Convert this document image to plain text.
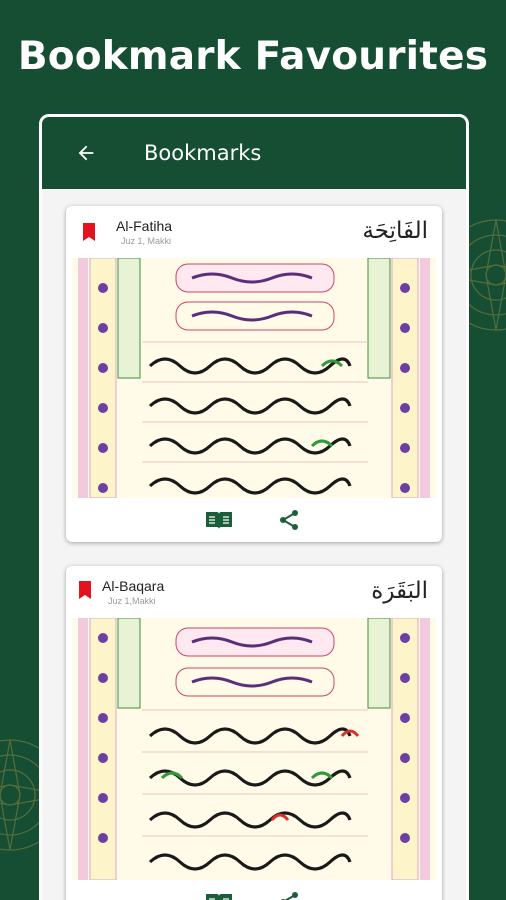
Bookmark Favourites
Bookmarks
Al-Fatiha
Juz 1, Makki	الفَاتِحَة
Al-Baqara
Juz 1,Makki	البَقَرَة
